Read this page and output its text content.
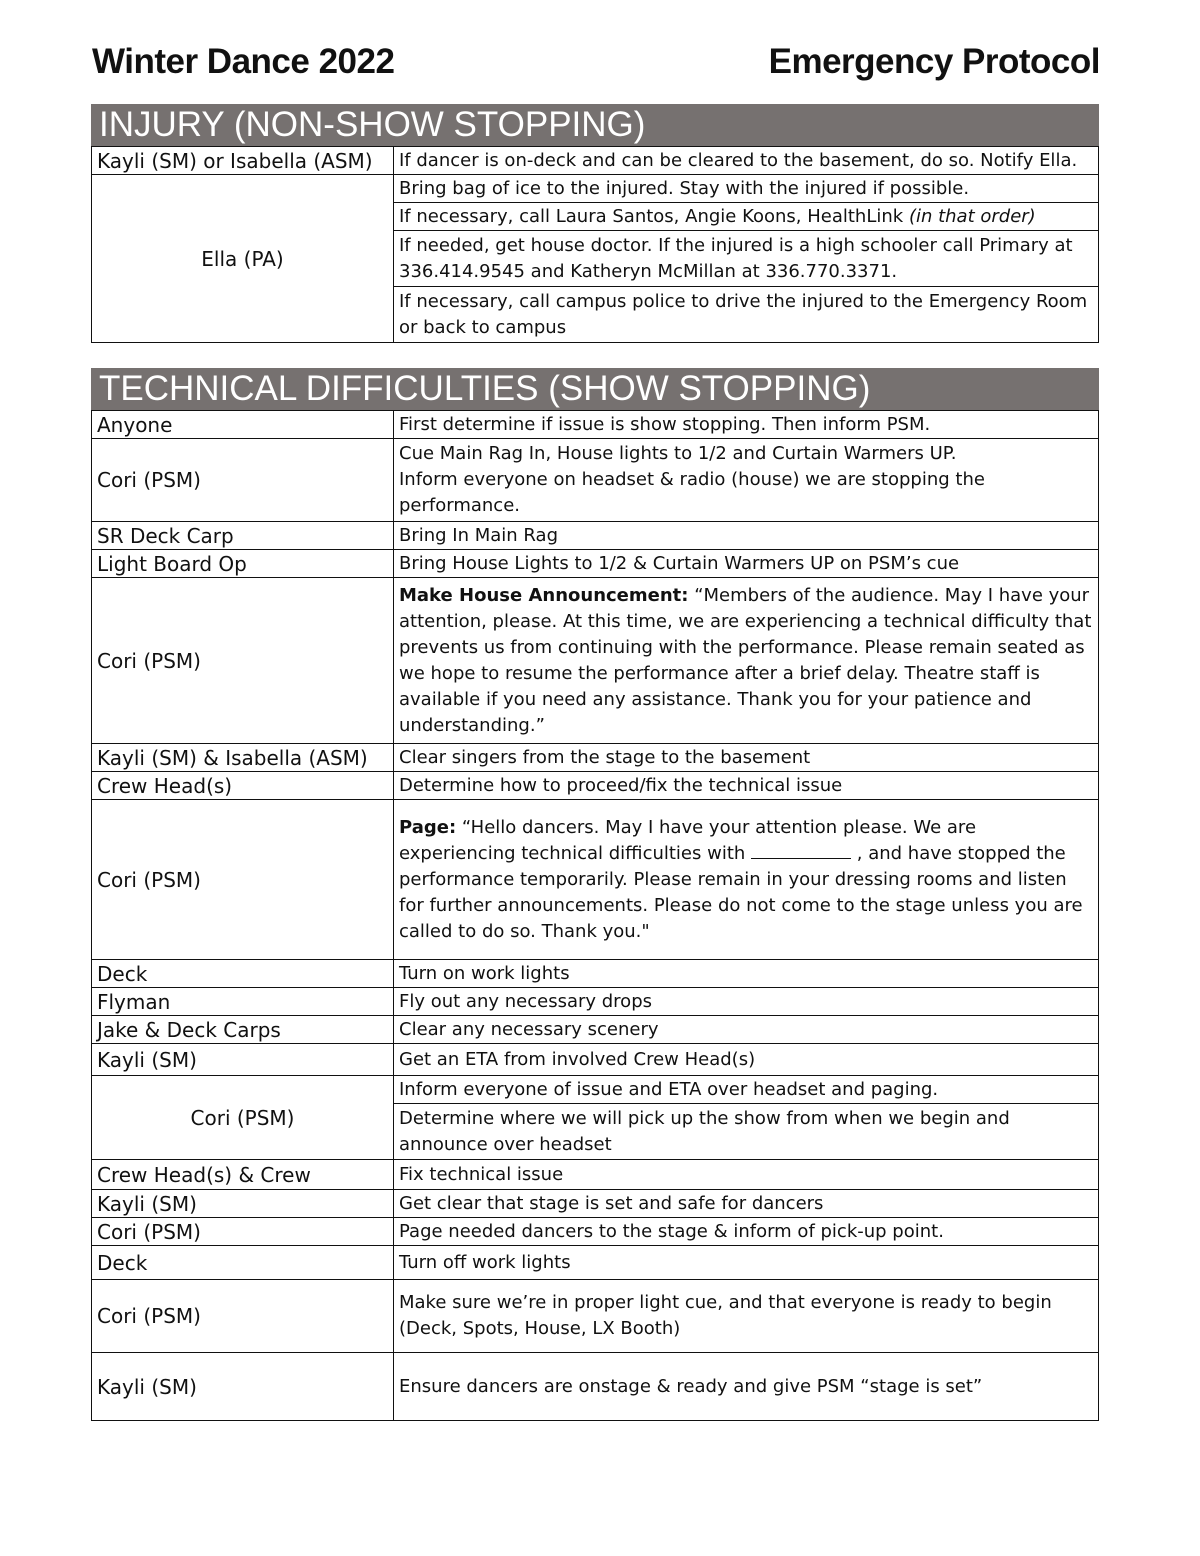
Winter Dance 2022	Emergency Protocol
INJURY (NON-SHOW STOPPING)
Kayli (SM) or Isabella (ASM)	If dancer is on-deck and can be cleared to the basement, do so. Notify Ella.
Ella (PA)	Bring bag of ice to the injured. Stay with the injured if possible.
	If necessary, call Laura Santos, Angie Koons, HealthLink (in that order)
	If needed, get house doctor. If the injured is a high schooler call Primary at 336.414.9545 and Katheryn McMillan at 336.770.3371.
	If necessary, call campus police to drive the injured to the Emergency Room or back to campus
TECHNICAL DIFFICULTIES (SHOW STOPPING)
Anyone	First determine if issue is show stopping. Then inform PSM.
Cori (PSM)	Cue Main Rag In, House lights to 1/2 and Curtain Warmers UP.
Inform everyone on headset & radio (house) we are stopping the performance.

SR Deck Carp	Bring In Main Rag
Light Board Op	Bring House Lights to 1/2 & Curtain Warmers UP on PSM’s cue
Cori (PSM)	Make House Announcement: “Members of the audience. May I have your attention, please. At this time, we are experiencing a technical difficulty that prevents us from continuing with the performance. Please remain seated as we hope to resume the performance after a brief delay. Theatre staff is available if you need any assistance. Thank you for your patience and understanding.”
Kayli (SM) & Isabella (ASM)	Clear singers from the stage to the basement
Crew Head(s)	Determine how to proceed/fix the technical issue
Cori (PSM)	Page: “Hello dancers. May I have your attention please. We are experiencing technical difficulties with , and have stopped the performance temporarily. Please remain in your dressing rooms and listen for further announcements. Please do not come to the stage unless you are called to do so. Thank you."
Deck	Turn on work lights
Flyman	Fly out any necessary drops
Jake & Deck Carps	Clear any necessary scenery
Kayli (SM)	Get an ETA from involved Crew Head(s)
Cori (PSM)	Inform everyone of issue and ETA over headset and paging.
	Determine where we will pick up the show from when we begin and announce over headset
Crew Head(s) & Crew	Fix technical issue
Kayli (SM)	Get clear that stage is set and safe for dancers
Cori (PSM)	Page needed dancers to the stage & inform of pick-up point.
Deck	Turn off work lights
Cori (PSM)	Make sure we’re in proper light cue, and that everyone is ready to begin (Deck, Spots, House, LX Booth)
Kayli (SM)	Ensure dancers are onstage & ready and give PSM “stage is set”
